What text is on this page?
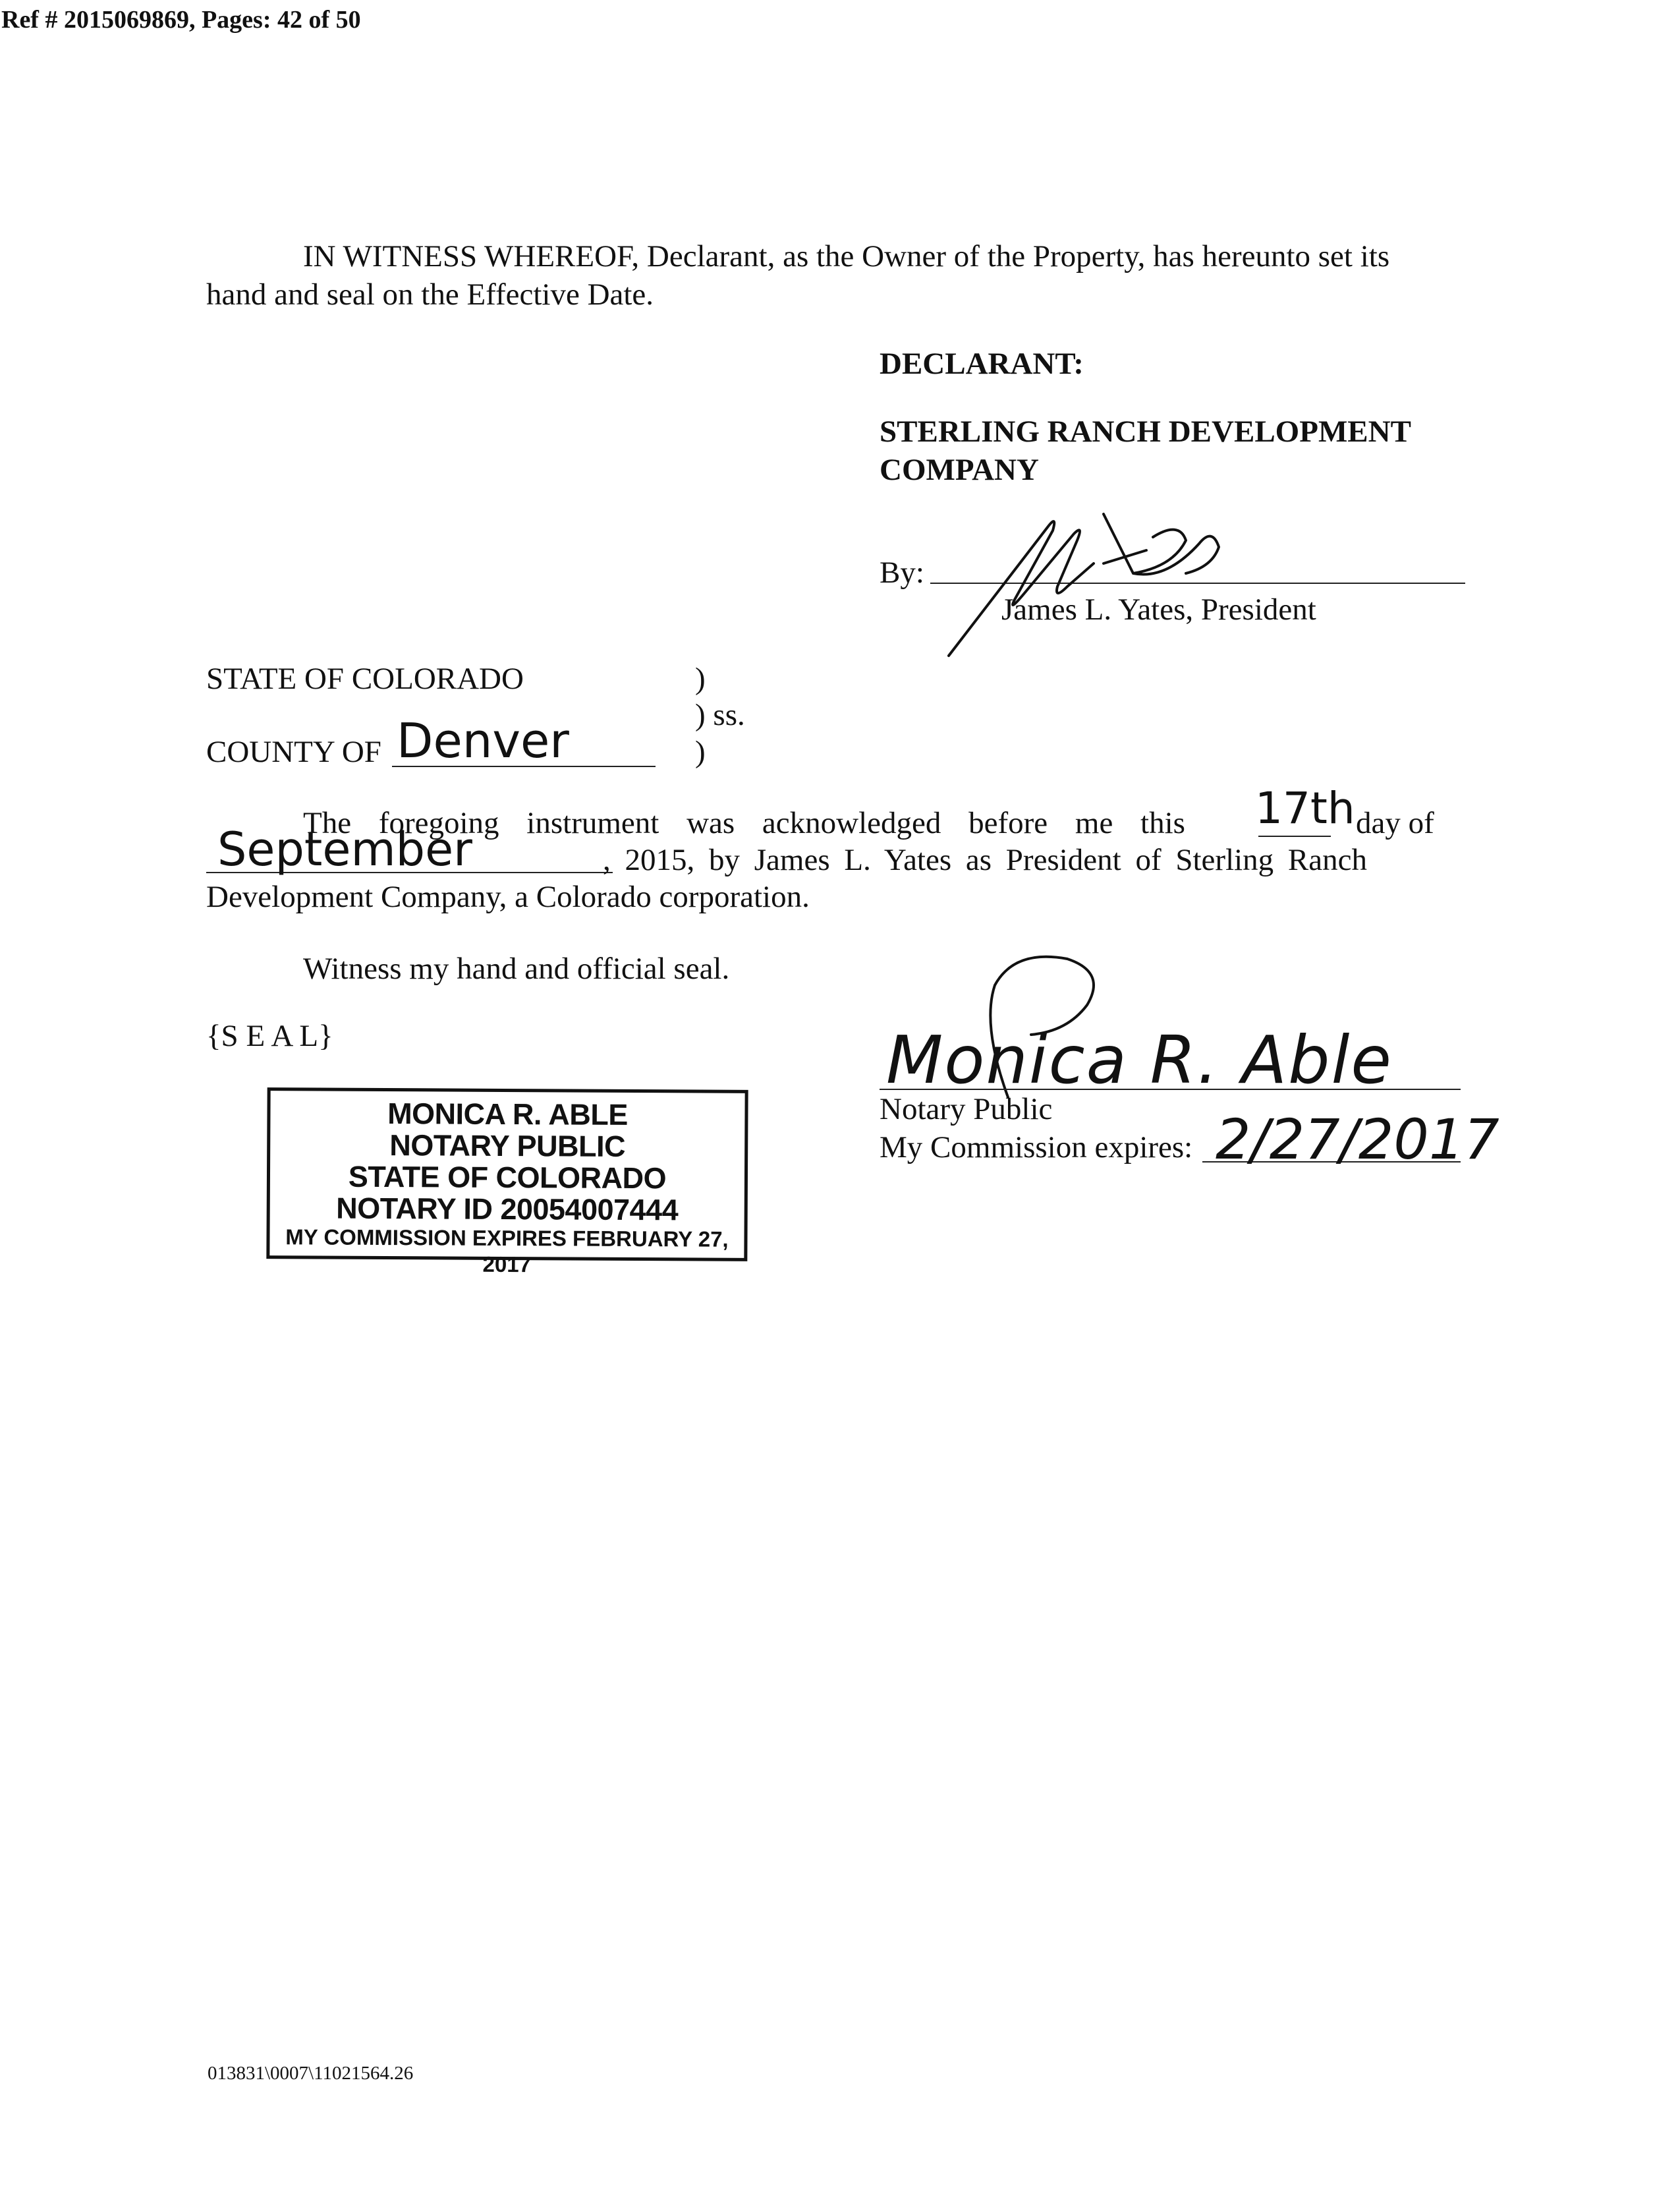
Ref # 2015069869, Pages: 42 of 50
IN WITNESS WHEREOF, Declarant, as the Owner of the Property, has hereunto set its
hand and seal on the Effective Date.
DECLARANT:
STERLING RANCH DEVELOPMENT
COMPANY
By:
James L. Yates, President
STATE OF COLORADO	)
) ss.
COUNTY OF Denver	)
The foregoing instrument was acknowledged before me this 17th day of
September	, 2015, by James L. Yates as President of Sterling Ranch
Development Company, a Colorado corporation.
Witness my hand and official seal.
{S E A L}
MONICA R. ABLE
NOTARY PUBLIC
STATE OF COLORADO
NOTARY ID 20054007444
MY COMMISSION EXPIRES FEBRUARY 27, 2017
Monica R. Able
Notary Public
My Commission expires: 2/27/2017
013831\0007\11021564.26
